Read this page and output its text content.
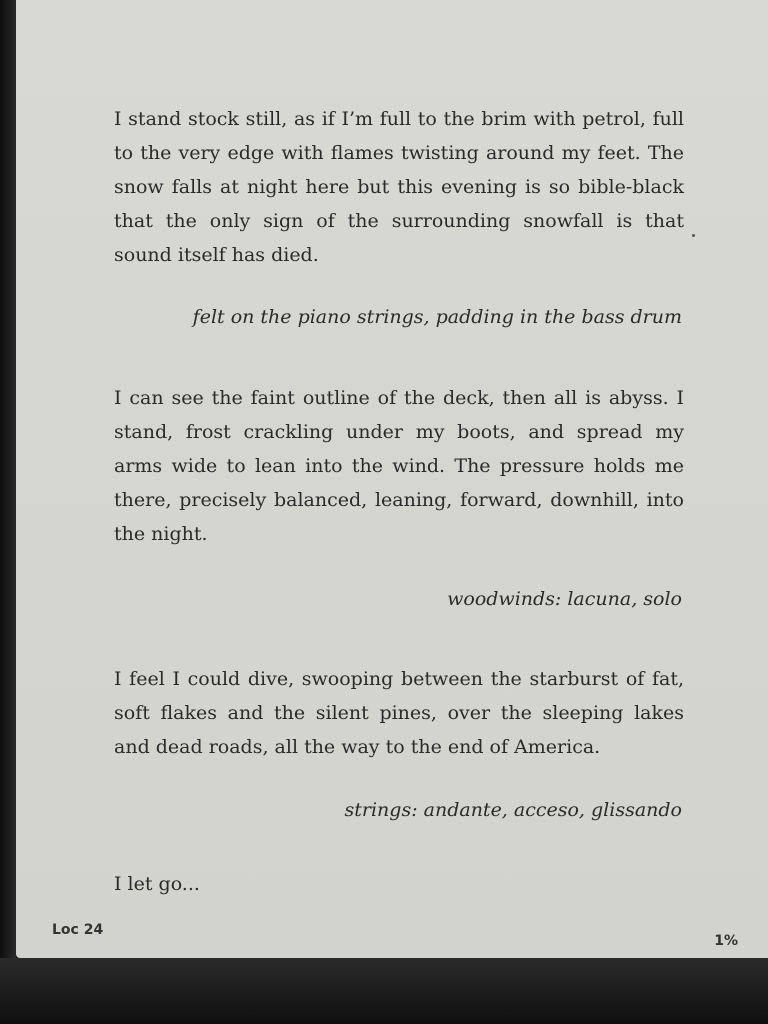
I stand stock still, as if I’m full to the brim with petrol, full to the very edge with flames twisting around my feet. The snow falls at night here but this evening is so bible-black that the only sign of the surrounding snowfall is that sound itself has died.

felt on the piano strings, padding in the bass drum

I can see the faint outline of the deck, then all is abyss. I stand, frost crackling under my boots, and spread my arms wide to lean into the wind. The pressure holds me there, precisely balanced, leaning, forward, downhill, into the night.

woodwinds: lacuna, solo

I feel I could dive, swooping between the starburst of fat, soft flakes and the silent pines, over the sleeping lakes and dead roads, all the way to the end of America.

strings: andante, acceso, glissando

I let go...

Loc 24
1%
